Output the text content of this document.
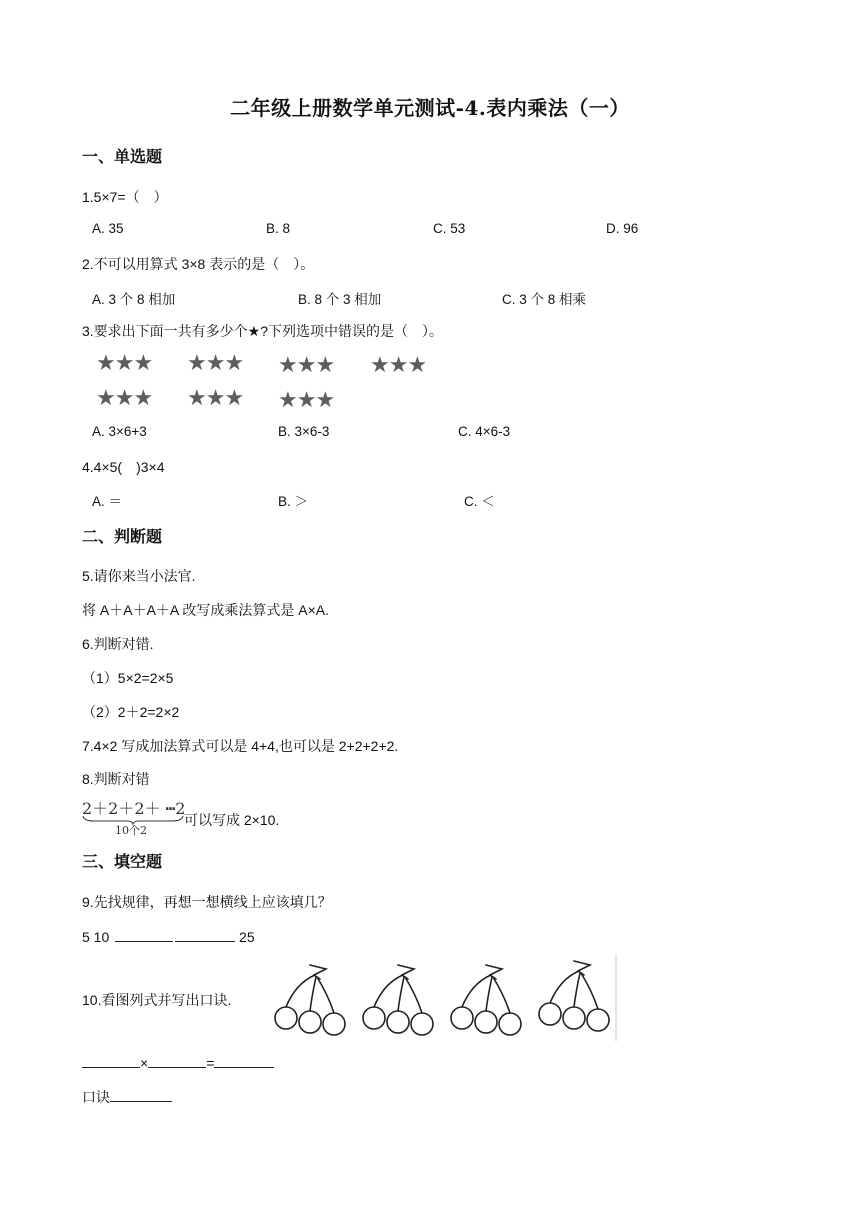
二年级上册数学单元测试-4.表内乘法（一）
一、单选题
1.5×7=（　）
A. 35	B. 8	C. 53	D. 96
2.不可以用算式 3×8 表示的是（　）。
A. 3 个 8 相加	B. 8 个 3 相加	C. 3 个 8 相乘
3.要求出下面一共有多少个★?下列选项中错误的是（　）。
★★★ ★★★ ★★★ ★★★
★★★ ★★★ ★★★
A. 3×6+3	B. 3×6-3	C. 4×6-3
4.4×5(　)3×4
A. ＝	B. ＞	C. ＜
二、判断题
5.请你来当小法官.
将 A＋A＋A＋A 改写成乘法算式是 A×A.
6.判断对错.
（1）5×2=2×5
（2）2＋2=2×2
7.4×2 写成加法算式可以是 4+4,也可以是 2+2+2+2.
8.判断对错
2＋2＋2＋ ┅2
10个2
可以写成 2×10.
三、填空题
9.先找规律，再想一想横线上应该填几？
5 10	25
10.看图列式并写出口诀.
×	=
口诀
